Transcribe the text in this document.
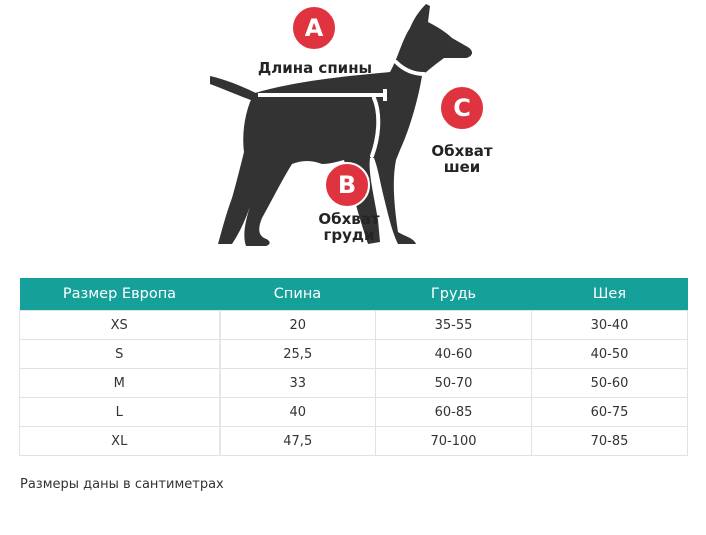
A
B
C
Длина спины
Обхват груди
Обхват шеи
Размер Европа	Спина	Грудь	Шея
XS	20	35-55	30-40
S	25,5	40-60	40-50
M	33	50-70	50-60
L	40	60-85	60-75
XL	47,5	70-100	70-85
Размеры даны в сантиметрах
